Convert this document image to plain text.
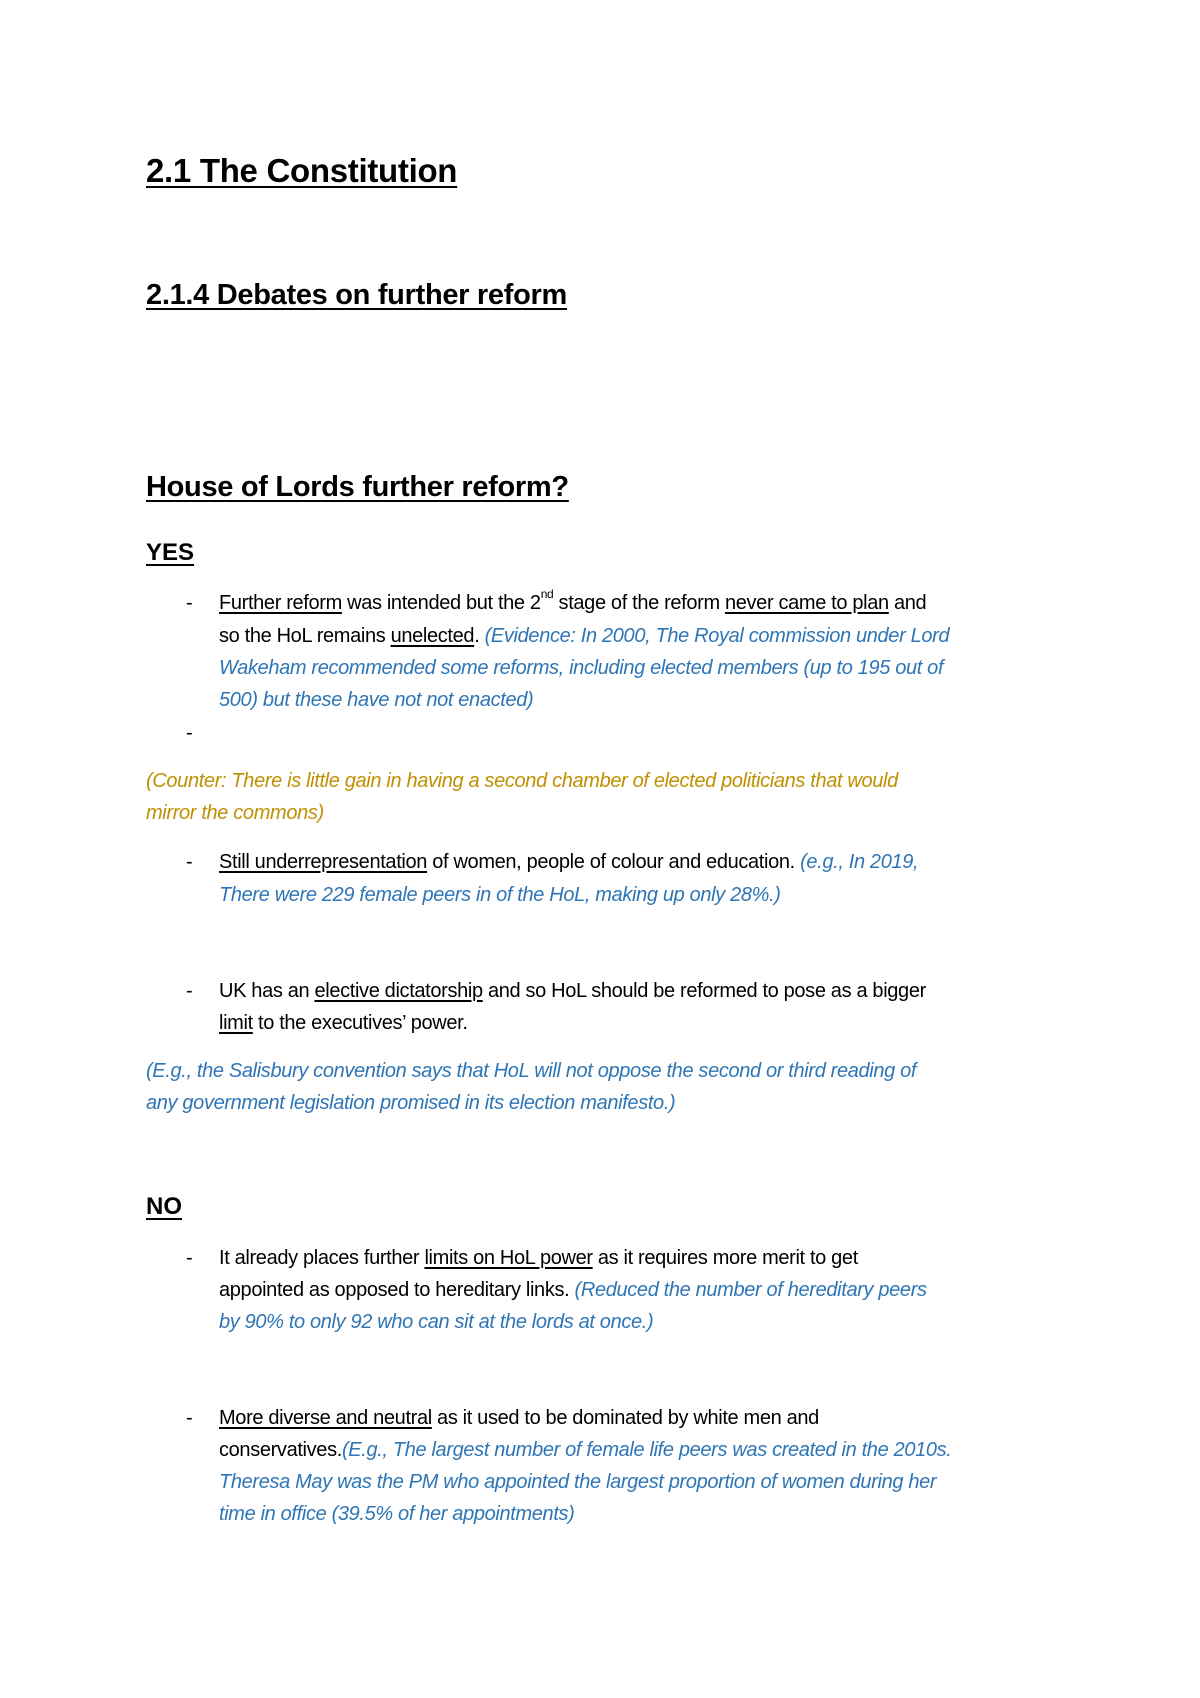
2.1 The Constitution
2.1.4 Debates on further reform
House of Lords further reform?
YES
- Further reform was intended but the 2nd stage of the reform never came to plan and
so the HoL remains unelected. (Evidence: In 2000, The Royal commission under Lord
Wakeham recommended some reforms, including elected members (up to 195 out of
500) but these have not not enacted)
-
(Counter: There is little gain in having a second chamber of elected politicians that would
mirror the commons)
- Still underrepresentation of women, people of colour and education. (e.g., In 2019,
There were 229 female peers in of the HoL, making up only 28%.)
- UK has an elective dictatorship and so HoL should be reformed to pose as a bigger
limit to the executives’ power.
(E.g., the Salisbury convention says that HoL will not oppose the second or third reading of
any government legislation promised in its election manifesto.)
NO
- It already places further limits on HoL power as it requires more merit to get
appointed as opposed to hereditary links. (Reduced the number of hereditary peers
by 90% to only 92 who can sit at the lords at once.)
- More diverse and neutral as it used to be dominated by white men and
conservatives.(E.g., The largest number of female life peers was created in the 2010s.
Theresa May was the PM who appointed the largest proportion of women during her
time in office (39.5% of her appointments)
